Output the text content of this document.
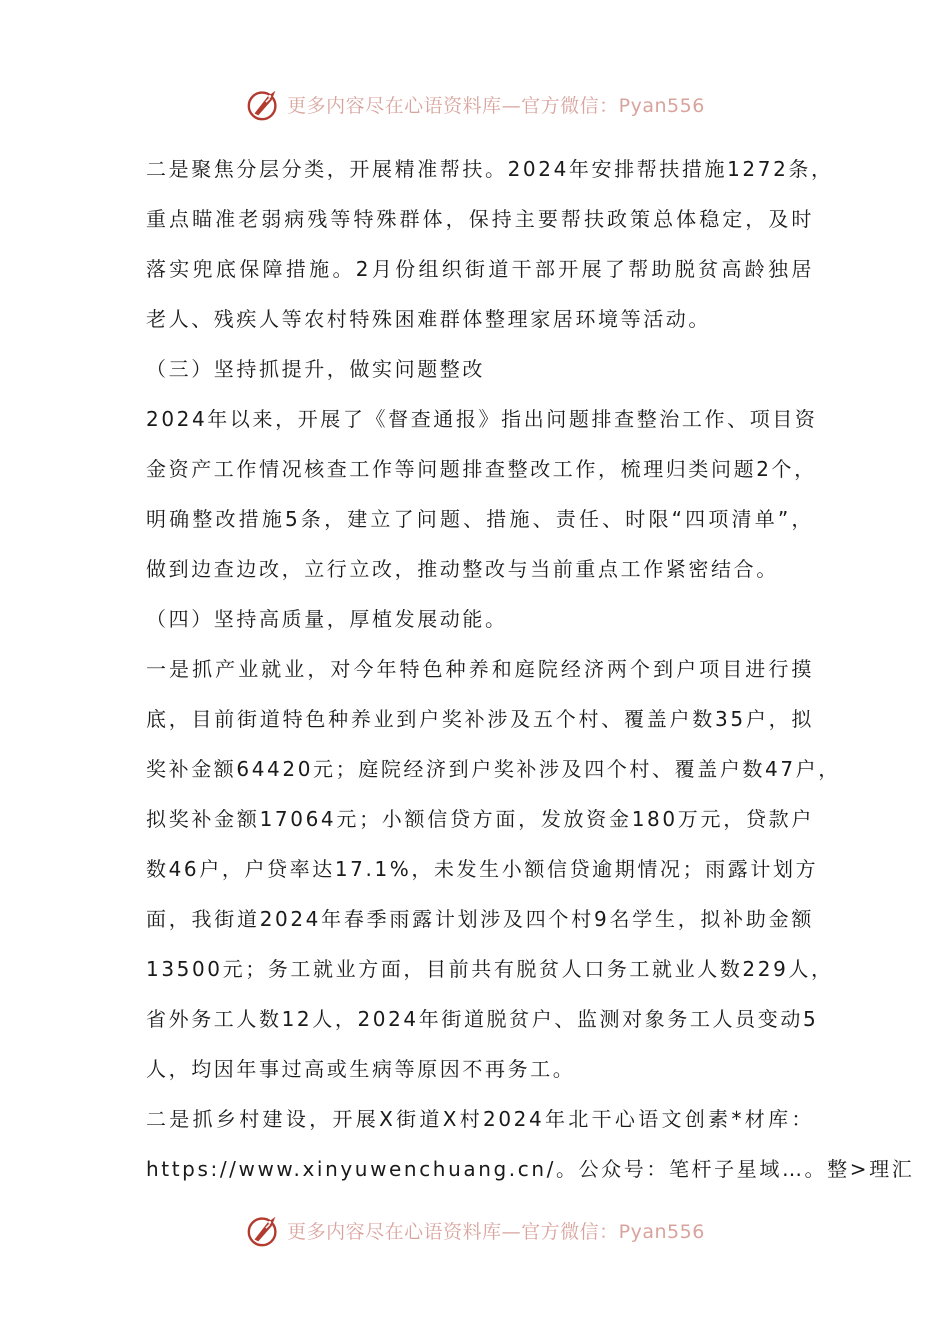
更多内容尽在心语资料库—官方微信：Pyan556
二是聚焦分层分类，开展精准帮扶。2024年安排帮扶措施1272条，
重点瞄准老弱病残等特殊群体，保持主要帮扶政策总体稳定，及时
落实兜底保障措施。2月份组织街道干部开展了帮助脱贫高龄独居
老人、残疾人等农村特殊困难群体整理家居环境等活动。
（三）坚持抓提升，做实问题整改
2024年以来，开展了《督查通报》指出问题排查整治工作、项目资
金资产工作情况核查工作等问题排查整改工作，梳理归类问题2个，
明确整改措施5条，建立了问题、措施、责任、时限“四项清单”，
做到边查边改，立行立改，推动整改与当前重点工作紧密结合。
（四）坚持高质量，厚植发展动能。
一是抓产业就业，对今年特色种养和庭院经济两个到户项目进行摸
底，目前街道特色种养业到户奖补涉及五个村、覆盖户数35户，拟
奖补金额64420元；庭院经济到户奖补涉及四个村、覆盖户数47户，
拟奖补金额17064元；小额信贷方面，发放资金180万元，贷款户
数46户，户贷率达17.1%，未发生小额信贷逾期情况；雨露计划方
面，我街道2024年春季雨露计划涉及四个村9名学生，拟补助金额
13500元；务工就业方面，目前共有脱贫人口务工就业人数229人，
省外务工人数12人，2024年街道脱贫户、监测对象务工人员变动5
人，均因年事过高或生病等原因不再务工。
二是抓乡村建设，开展X街道X村2024年北干心语文创素*材库：
https://www.xinyuwenchuang.cn/。公众号：笔杆子星域…。整>理汇
更多内容尽在心语资料库—官方微信：Pyan556
